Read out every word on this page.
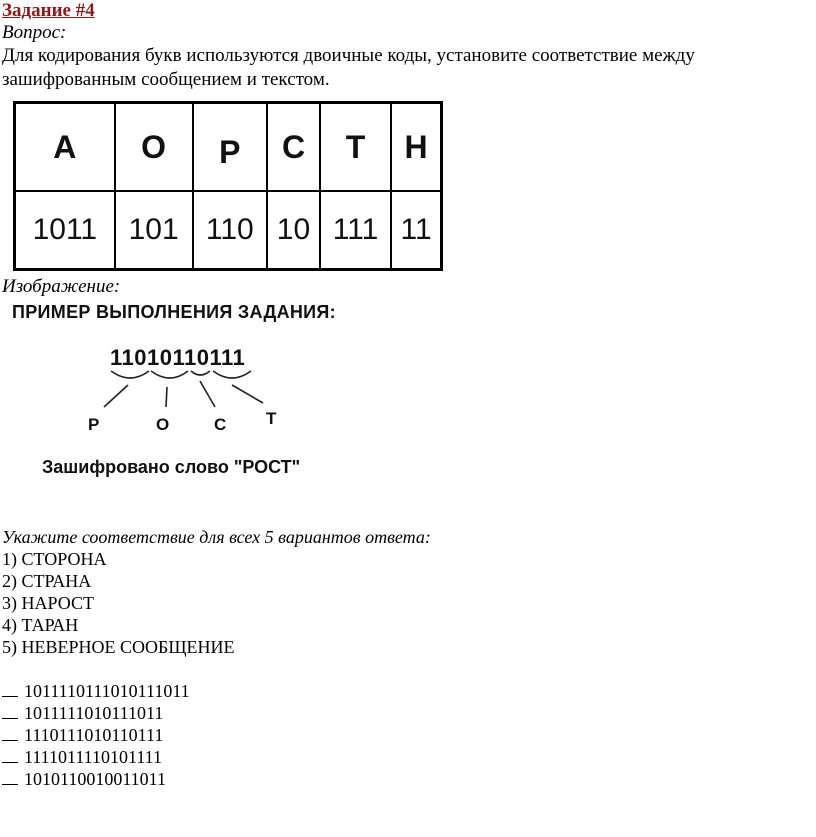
Задание #4
Вопрос:
Для кодирования букв используются двоичные коды, установите соответствие между зашифрованным сообщением и текстом.
А	О	Р	С	Т	Н
1011	101	110	10	111	11
Изображение:
ПРИМЕР ВЫПОЛНЕНИЯ ЗАДАНИЯ:
11010110111
Р	О	С Т
Зашифровано слово "РОСТ"
Укажите соответствие для всех 5 вариантов ответа:
1) СТОРОНА
2) СТРАНА
3) НАРОСТ
4) ТАРАН
5) НЕВЕРНОЕ СООБЩЕНИЕ
1011110111010111011
1011111010111011
1110111010110111
1111011110101111
1010110010011011
